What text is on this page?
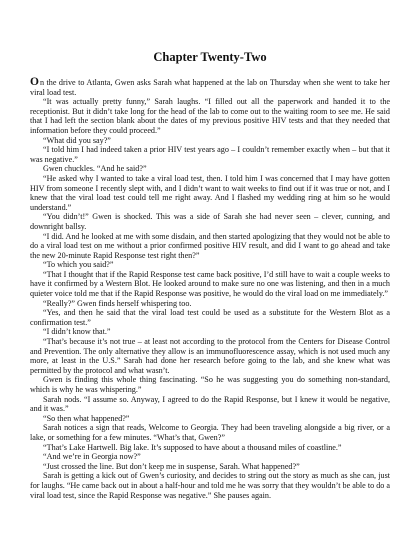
Chapter Twenty-Two

On the drive to Atlanta, Gwen asks Sarah what happened at the lab on Thursday when she went to take her viral load test.

“It was actually pretty funny,” Sarah laughs. “I filled out all the paperwork and handed it to the receptionist. But it didn’t take long for the head of the lab to come out to the waiting room to see me. He said that I had left the section blank about the dates of my previous positive HIV tests and that they needed that information before they could proceed.”

“What did you say?”

“I told him I had indeed taken a prior HIV test years ago – I couldn’t remember exactly when – but that it was negative.”

Gwen chuckles. “And he said?”

“He asked why I wanted to take a viral load test, then. I told him I was concerned that I may have gotten HIV from someone I recently slept with, and I didn’t want to wait weeks to find out if it was true or not, and I knew that the viral load test could tell me right away. And I flashed my wedding ring at him so he would understand.”

“You didn’t!” Gwen is shocked. This was a side of Sarah she had never seen – clever, cunning, and downright ballsy.

“I did. And he looked at me with some disdain, and then started apologizing that they would not be able to do a viral load test on me without a prior confirmed positive HIV result, and did I want to go ahead and take the new 20-minute Rapid Response test right then?”

“To which you said?”

“That I thought that if the Rapid Response test came back positive, I’d still have to wait a couple weeks to have it confirmed by a Western Blot. He looked around to make sure no one was listening, and then in a much quieter voice told me that if the Rapid Response was positive, he would do the viral load on me immediately.”

“Really?” Gwen finds herself whispering too.

“Yes, and then he said that the viral load test could be used as a substitute for the Western Blot as a confirmation test.”

“I didn’t know that.”

“That’s because it’s not true – at least not according to the protocol from the Centers for Disease Control and Prevention. The only alternative they allow is an immunofluorescence assay, which is not used much any more, at least in the U.S.” Sarah had done her research before going to the lab, and she knew what was permitted by the protocol and what wasn’t.

Gwen is finding this whole thing fascinating. “So he was suggesting you do something non-standard, which is why he was whispering.”

Sarah nods. “I assume so. Anyway, I agreed to do the Rapid Response, but I knew it would be negative, and it was.”

“So then what happened?”

Sarah notices a sign that reads, Welcome to Georgia. They had been traveling alongside a big river, or a lake, or something for a few minutes. “What’s that, Gwen?”

“That’s Lake Hartwell. Big lake. It’s supposed to have about a thousand miles of coastline.”

“And we’re in Georgia now?”

“Just crossed the line. But don’t keep me in suspense, Sarah. What happened?”

Sarah is getting a kick out of Gwen’s curiosity, and decides to string out the story as much as she can, just for laughs. “He came back out in about a half-hour and told me he was sorry that they wouldn’t be able to do a viral load test, since the Rapid Response was negative.” She pauses again.
